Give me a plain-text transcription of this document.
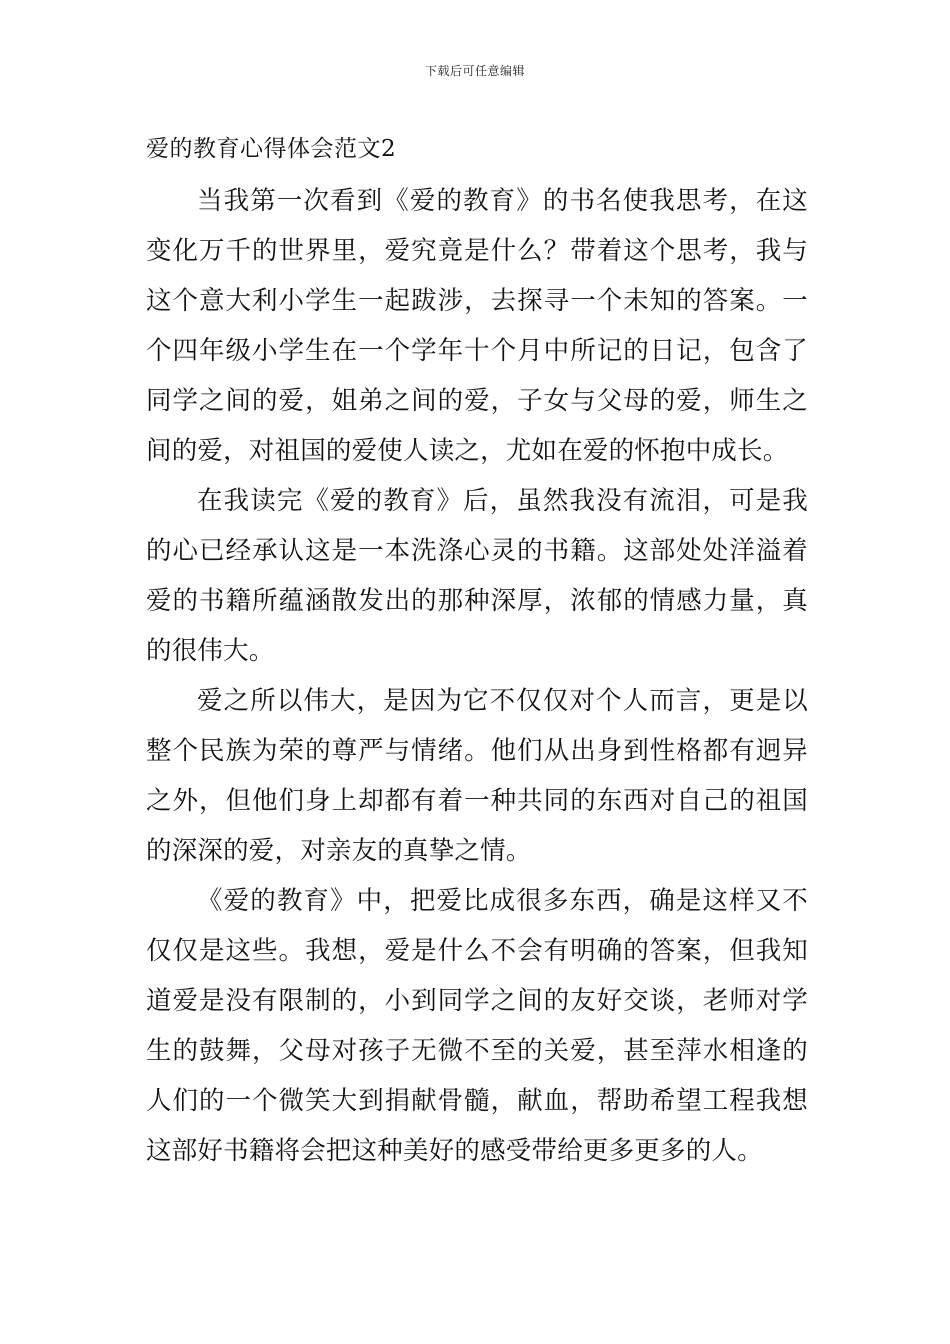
下载后可任意编辑
爱的教育心得体会范文2

当我第一次看到《爱的教育》的书名使我思考，在这变化万千的世界里，爱究竟是什么？带着这个思考，我与这个意大利小学生一起跋涉，去探寻一个未知的答案。一个四年级小学生在一个学年十个月中所记的日记，包含了同学之间的爱，姐弟之间的爱，子女与父母的爱，师生之间的爱，对祖国的爱使人读之，尤如在爱的怀抱中成长。

在我读完《爱的教育》后，虽然我没有流泪，可是我的心已经承认这是一本洗涤心灵的书籍。这部处处洋溢着爱的书籍所蕴涵散发出的那种深厚，浓郁的情感力量，真的很伟大。

爱之所以伟大，是因为它不仅仅对个人而言，更是以整个民族为荣的尊严与情绪。他们从出身到性格都有迥异之外，但他们身上却都有着一种共同的东西对自己的祖国的深深的爱，对亲友的真挚之情。

《爱的教育》中，把爱比成很多东西，确是这样又不仅仅是这些。我想，爱是什么不会有明确的答案，但我知道爱是没有限制的，小到同学之间的友好交谈，老师对学生的鼓舞，父母对孩子无微不至的关爱，甚至萍水相逢的人们的一个微笑大到捐献骨髓，献血，帮助希望工程我想这部好书籍将会把这种美好的感受带给更多更多的人。
